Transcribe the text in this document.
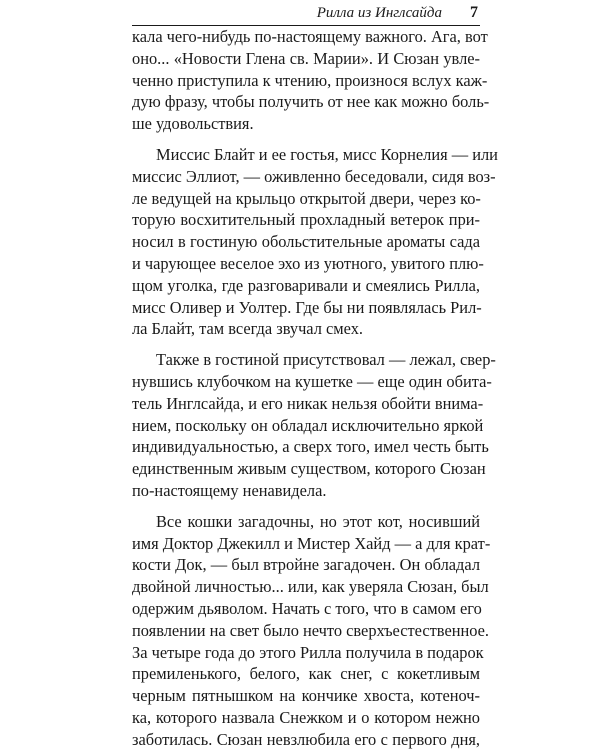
Рилла из Инглсайда 7
кала чего-нибудь по-настоящему важного. Ага, вот
оно... «Новости Глена св. Марии». И Сюзан увле-
ченно приступила к чтению, произнося вслух каж-
дую фразу, чтобы получить от нее как можно боль-
ше удовольствия.
Миссис Блайт и ее гостья, мисс Корнелия — или
миссис Эллиот, — оживленно беседовали, сидя воз-
ле ведущей на крыльцо открытой двери, через ко-
торую восхитительный прохладный ветерок при-
носил в гостиную обольстительные ароматы сада
и чарующее веселое эхо из уютного, увитого плю-
щом уголка, где разговаривали и смеялись Рилла,
мисс Оливер и Уолтер. Где бы ни появлялась Рил-
ла Блайт, там всегда звучал смех.
Также в гостиной присутствовал — лежал, свер-
нувшись клубочком на кушетке — еще один обита-
тель Инглсайда, и его никак нельзя обойти внима-
нием, поскольку он обладал исключительно яркой
индивидуальностью, а сверх того, имел честь быть
единственным живым существом, которого Сюзан
по-настоящему ненавидела.
Все кошки загадочны, но этот кот, носивший
имя Доктор Джекилл и Мистер Хайд — а для крат-
кости Док, — был втройне загадочен. Он обладал
двойной личностью... или, как уверяла Сюзан, был
одержим дьяволом. Начать с того, что в самом его
появлении на свет было нечто сверхъестественное.
За четыре года до этого Рилла получила в подарок
премиленького, белого, как снег, с кокетливым
черным пятнышком на кончике хвоста, котеноч-
ка, которого назвала Снежком и о котором нежно
заботилась. Сюзан невзлюбила его с первого дня,
